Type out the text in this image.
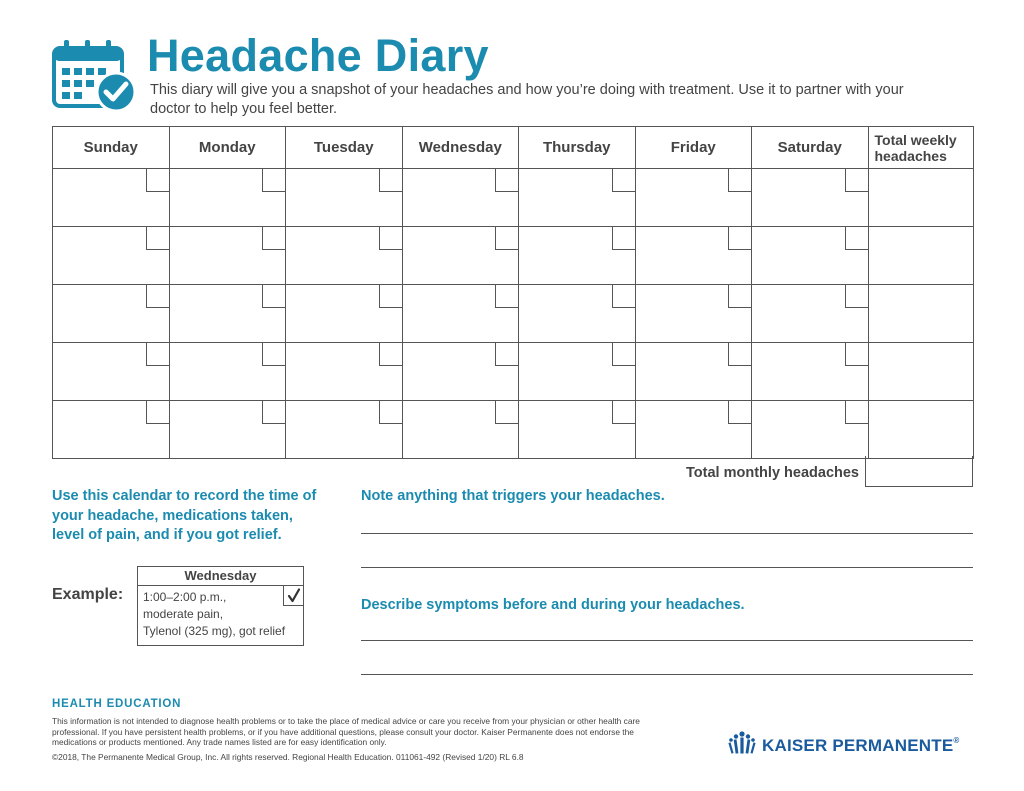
Headache Diary
This diary will give you a snapshot of your headaches and how you’re doing with treatment. Use it to partner with your doctor to help you feel better.
Sunday	Monday	Tuesday	Wednesday	Thursday	Friday	Saturday	Total weekly headaches

Total monthly headaches
Use this calendar to record the time of your headache, medications taken, level of pain, and if you got relief.
Example:
Wednesday
1:00–2:00 p.m.,
moderate pain,
Tylenol (325 mg), got relief
Note anything that triggers your headaches.
Describe symptoms before and during your headaches.
HEALTH EDUCATION
This information is not intended to diagnose health problems or to take the place of medical advice or care you receive from your physician or other health care professional. If you have persistent health problems, or if you have additional questions, please consult your doctor. Kaiser Permanente does not endorse the medications or products mentioned. Any trade names listed are for easy identification only.
©2018, The Permanente Medical Group, Inc. All rights reserved. Regional Health Education. 011061-492 (Revised 1/20) RL 6.8
KAISER PERMANENTE®
